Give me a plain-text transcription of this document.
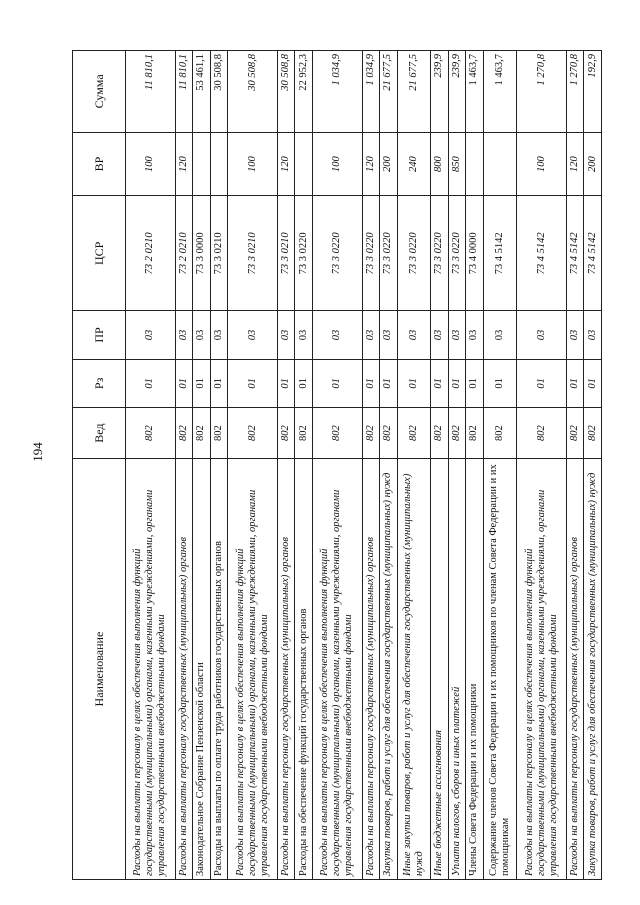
194
Наименование	Вед	Рз	ПР	ЦСР	ВР	Сумма
Расходы на выплаты персоналу в целях обеспечения выполнения функций государственными (муниципальными) органами, казенными учреждениями, органами управления государственными внебюджетными фондами	802	01	03	73 2 0210	100	11 810,1
Расходы на выплаты персоналу государственных (муниципальных) органов	802	01	03	73 2 0210	120	11 810,1
Законодательное Собрание Пензенской области	802	01	03	73 3 0000		53 461,1
Расходы на выплаты по оплате труда работников государственных органов	802	01	03	73 3 0210		30 508,8
Расходы на выплаты персоналу в целях обеспечения выполнения функций государственными (муниципальными) органами, казенными учреждениями, органами управления государственными внебюджетными фондами	802	01	03	73 3 0210	100	30 508,8
Расходы на выплаты персоналу государственных (муниципальных) органов	802	01	03	73 3 0210	120	30 508,8
Расходы на обеспечение функций государственных органов	802	01	03	73 3 0220		22 952,3
Расходы на выплаты персоналу в целях обеспечения выполнения функций государственными (муниципальными) органами, казенными учреждениями, органами управления государственными внебюджетными фондами	802	01	03	73 3 0220	100	1 034,9
Расходы на выплаты персоналу государственных (муниципальных) органов	802	01	03	73 3 0220	120	1 034,9
Закупка товаров, работ и услуг для обеспечения государственных (муниципальных) нужд	802	01	03	73 3 0220	200	21 677,5
Иные закупки товаров, работ и услуг для обеспечения государственных (муниципальных) нужд	802	01	03	73 3 0220	240	21 677,5
Иные бюджетные ассигнования	802	01	03	73 3 0220	800	239,9
Уплата налогов, сборов и иных платежей	802	01	03	73 3 0220	850	239,9
Члены Совета Федерации и их помощники	802	01	03	73 4 0000		1 463,7
Содержание членов Совета Федерации и их помощников по членам Совета Федерации и их помощникам	802	01	03	73 4 5142		1 463,7
Расходы на выплаты персоналу в целях обеспечения выполнения функций государственными (муниципальными) органами, казенными учреждениями, органами управления государственными внебюджетными фондами	802	01	03	73 4 5142	100	1 270,8
Расходы на выплаты персоналу государственных (муниципальных) органов	802	01	03	73 4 5142	120	1 270,8
Закупка товаров, работ и услуг для обеспечения государственных (муниципальных) нужд	802	01	03	73 4 5142	200	192,9
